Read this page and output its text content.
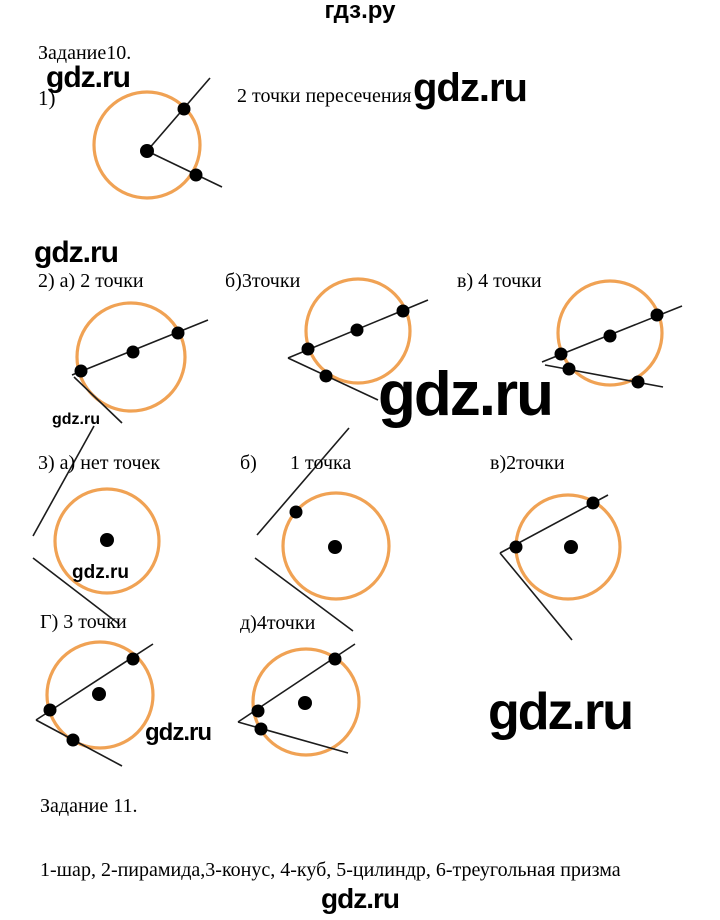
гдз.ру
gdz.ru
Задание10.
gdz.ru
1)	2 точки пересечения gdz.ru
gdz.ru
2) а) 2 точки	б)3точки	в) 4 точки
gdz.ru
gdz.ru
3) а) нет точек	б) 1 точка	в)2точки
gdz.ru
Г) 3 точки	д)4точки
gdz.ru	gdz.ru
Задание 11.
1-шар, 2-пирамида,3-конус, 4-куб, 5-цилиндр, 6-треугольная призма
